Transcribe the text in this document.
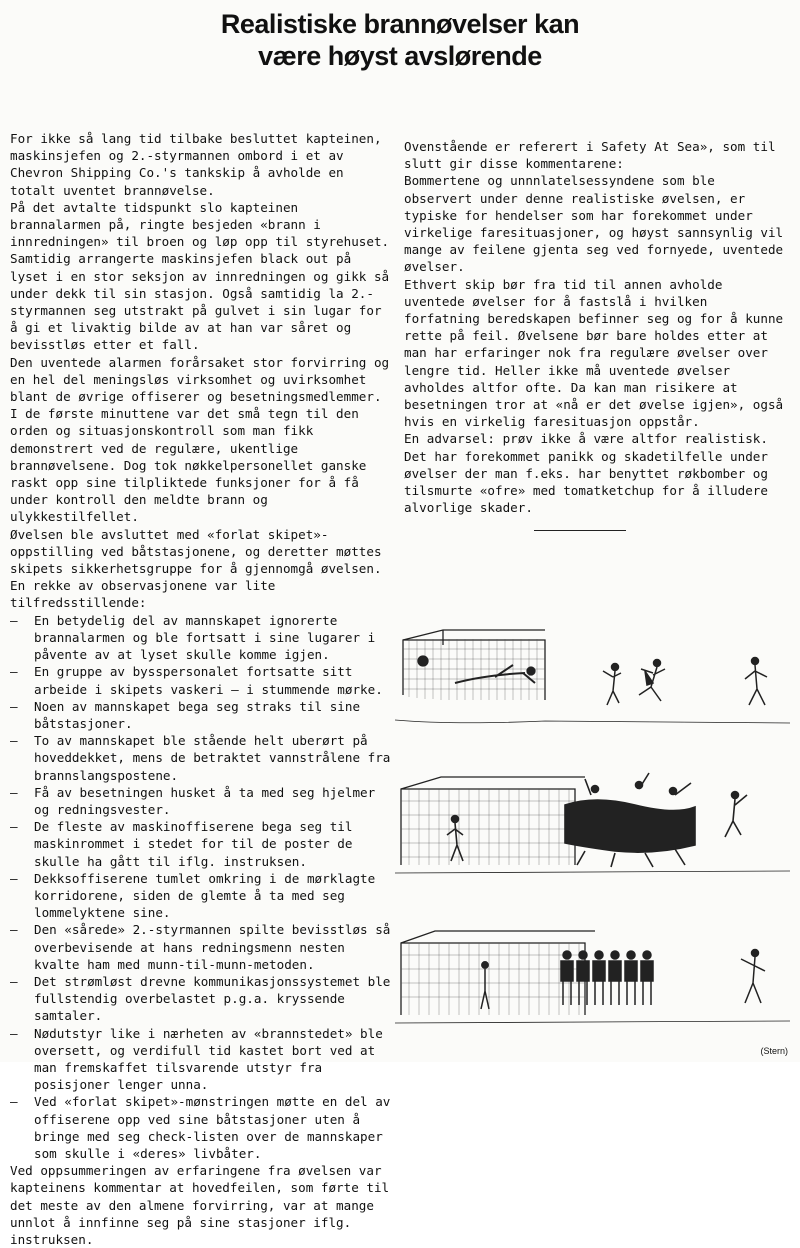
Realistiske brannøvelser kan
være høyst avslørende

For ikke så lang tid tilbake besluttet kapteinen, maskinsjefen og 2.-styrmannen ombord i et av Chevron Shipping Co.'s tankskip å avholde en totalt uventet brannøvelse.

På det avtalte tidspunkt slo kapteinen brannalarmen på, ringte besjeden «brann i innredningen» til broen og løp opp til styrehuset. Samtidig arrangerte maskinsjefen black out på lyset i en stor seksjon av innredningen og gikk så under dekk til sin stasjon. Også samtidig la 2.-styrmannen seg utstrakt på gulvet i sin lugar for å gi et livaktig bilde av at han var såret og bevisstløs etter et fall.

Den uventede alarmen forårsaket stor forvirring og en hel del meningsløs virksomhet og uvirksomhet blant de øvrige offiserer og besetningsmedlemmer. I de første minuttene var det små tegn til den orden og situasjonskontroll som man fikk demonstrert ved de regulære, ukentlige brannøvelsene. Dog tok nøkkelpersonellet ganske raskt opp sine tilpliktede funksjoner for å få under kontroll den meldte brann og ulykkestilfellet.

Øvelsen ble avsluttet med «forlat skipet»-oppstilling ved båtstasjonene, og deretter møttes skipets sikkerhetsgruppe for å gjennomgå øvelsen.

En rekke av observasjonene var lite tilfredsstillende:

—	En betydelig del av mannskapet ignorerte brannalarmen og ble fortsatt i sine lugarer i påvente av at lyset skulle komme igjen.
—	En gruppe av bysspersonalet fortsatte sitt arbeide i skipets vaskeri — i stummende mørke.
—	Noen av mannskapet bega seg straks til sine båtstasjoner.
—	To av mannskapet ble stående helt uberørt på hoveddekket, mens de betraktet vannstrålene fra brannslangspostene.
—	Få av besetningen husket å ta med seg hjelmer og redningsvester.
—	De fleste av maskinoffiserene bega seg til maskinrommet i stedet for til de poster de skulle ha gått til iflg. instruksen.
—	Dekksoffiserene tumlet omkring i de mørklagte korridorene, siden de glemte å ta med seg lommelyktene sine.
—	Den «sårede» 2.-styrmannen spilte bevisstløs så overbevisende at hans redningsmenn nesten kvalte ham med munn-til-munn-metoden.
—	Det strømløst drevne kommunikasjonssystemet ble fullstendig overbelastet p.g.a. kryssende samtaler.
—	Nødutstyr like i nærheten av «brannstedet» ble oversett, og verdifull tid kastet bort ved at man fremskaffet tilsvarende utstyr fra posisjoner lenger unna.
—	Ved «forlat skipet»-mønstringen møtte en del av offiserene opp ved sine båtstasjoner uten å bringe med seg check-listen over de mannskaper som skulle i «deres» livbåter.

Ved oppsummeringen av erfaringene fra øvelsen var kapteinens kommentar at hovedfeilen, som førte til det meste av den almene forvirring, var at mange unnlot å innfinne seg på sine stasjoner iflg. instruksen.

Ovenstående er referert i Safety At Sea», som til slutt gir disse kommentarene:

Bommertene og unnnlatelsessyndene som ble observert under denne realistiske øvelsen, er typiske for hendelser som har forekommet under virkelige faresituasjoner, og høyst sannsynlig vil mange av feilene gjenta seg ved fornyede, uventede øvelser.

Ethvert skip bør fra tid til annen avholde uventede øvelser for å fastslå i hvilken forfatning beredskapen befinner seg og for å kunne rette på feil. Øvelsene bør bare holdes etter at man har erfaringer nok fra regulære øvelser over lengre tid. Heller ikke må uventede øvelser avholdes altfor ofte. Da kan man risikere at besetningen tror at «nå er det øvelse igjen», også hvis en virkelig faresituasjon oppstår.

En advarsel: prøv ikke å være altfor realistisk. Det har forekommet panikk og skadetilfelle under øvelser der man f.eks. har benyttet røkbomber og tilsmurte «ofre» med tomatketchup for å illudere alvorlige skader.

(Stern)
